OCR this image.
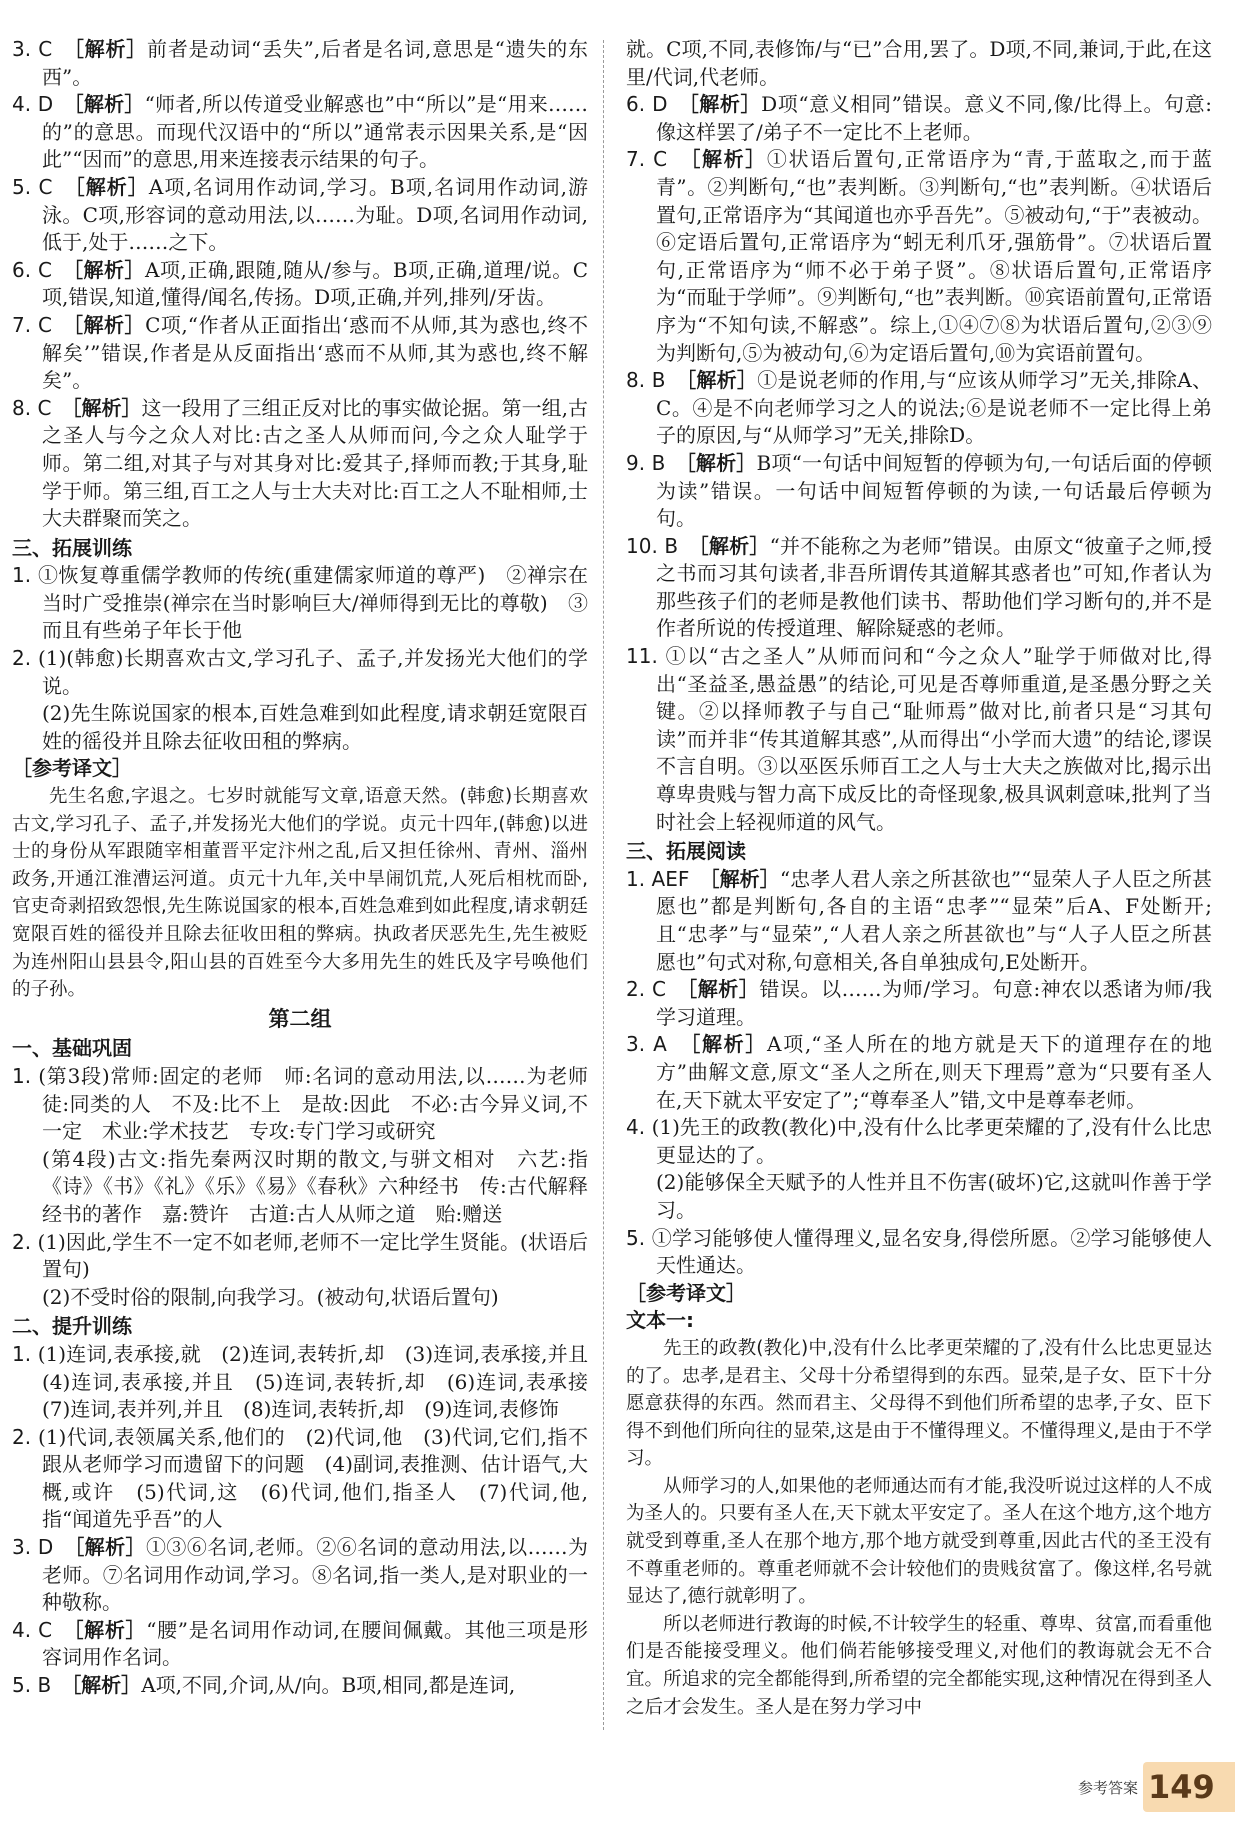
3. C　 ［解析］前者是动词“丢失”,后者是名词,意思是“遗失的东西”。

4. D　 ［解析］“师者,所以传道受业解惑也”中“所以”是“用来……的”的意思。而现代汉语中的“所以”通常表示因果关系,是“因此”“因而”的意思,用来连接表示结果的句子。

5. C　 ［解析］A项,名词用作动词,学习。B项,名词用作动词,游泳。C项,形容词的意动用法,以……为耻。D项,名词用作动词,低于,处于……之下。

6. C　 ［解析］A项,正确,跟随,随从/参与。B项,正确,道理/说。C项,错误,知道,懂得/闻名,传扬。D项,正确,并列,排列/牙齿。

7. C　 ［解析］C项,“作者从正面指出‘惑而不从师,其为惑也,终不解矣’”错误,作者是从反面指出‘惑而不从师,其为惑也,终不解矣”。

8. C　 ［解析］这一段用了三组正反对比的事实做论据。第一组,古之圣人与今之众人对比:古之圣人从师而问,今之众人耻学于师。第二组,对其子与对其身对比:爱其子,择师而教;于其身,耻学于师。第三组,百工之人与士大夫对比:百工之人不耻相师,士大夫群聚而笑之。

三、拓展训练

1. ①恢复尊重儒学教师的传统(重建儒家师道的尊严)　②禅宗在当时广受推崇(禅宗在当时影响巨大/禅师得到无比的尊敬)　③而且有些弟子年长于他

2. (1)(韩愈)长期喜欢古文,学习孔子、孟子,并发扬光大他们的学说。

(2)先生陈说国家的根本,百姓急难到如此程度,请求朝廷宽限百姓的徭役并且除去征收田租的弊病。

［参考译文］

先生名愈,字退之。七岁时就能写文章,语意天然。(韩愈)长期喜欢古文,学习孔子、孟子,并发扬光大他们的学说。贞元十四年,(韩愈)以进士的身份从军跟随宰相董晋平定汴州之乱,后又担任徐州、青州、淄州政务,开通江淮漕运河道。贞元十九年,关中旱闹饥荒,人死后相枕而卧,官吏奇剥招致怨恨,先生陈说国家的根本,百姓急难到如此程度,请求朝廷宽限百姓的徭役并且除去征收田租的弊病。执政者厌恶先生,先生被贬为连州阳山县县令,阳山县的百姓至今大多用先生的姓氏及字号唤他们的子孙。

第二组

一、基础巩固

1. (第3段)常师:固定的老师　师:名词的意动用法,以……为老师　徒:同类的人　不及:比不上　是故:因此　不必:古今异义词,不一定　术业:学术技艺　专攻:专门学习或研究

(第4段)古文:指先秦两汉时期的散文,与骈文相对　六艺:指《诗》《书》《礼》《乐》《易》《春秋》六种经书　传:古代解释经书的著作　嘉:赞许　古道:古人从师之道　贻:赠送

2. (1)因此,学生不一定不如老师,老师不一定比学生贤能。(状语后置句)

(2)不受时俗的限制,向我学习。(被动句,状语后置句)

二、提升训练

1. (1)连词,表承接,就　(2)连词,表转折,却　(3)连词,表承接,并且　(4)连词,表承接,并且　(5)连词,表转折,却　(6)连词,表承接　(7)连词,表并列,并且　(8)连词,表转折,却　(9)连词,表修饰

2. (1)代词,表领属关系,他们的　(2)代词,他　(3)代词,它们,指不跟从老师学习而遗留下的问题　(4)副词,表推测、估计语气,大概,或许　(5)代词,这　(6)代词,他们,指圣人　(7)代词,他,指“闻道先乎吾”的人

3. D　 ［解析］①③⑥名词,老师。②⑥名词的意动用法,以……为老师。⑦名词用作动词,学习。⑧名词,指一类人,是对职业的一种敬称。

4. C　 ［解析］“腰”是名词用作动词,在腰间佩戴。其他三项是形容词用作名词。

5. B　 ［解析］A项,不同,介词,从/向。B项,相同,都是连词,

就。C项,不同,表修饰/与“已”合用,罢了。D项,不同,兼词,于此,在这里/代词,代老师。

6. D　 ［解析］D项“意义相同”错误。意义不同,像/比得上。句意:像这样罢了/弟子不一定比不上老师。

7. C　 ［解析］①状语后置句,正常语序为“青,于蓝取之,而于蓝青”。②判断句,“也”表判断。③判断句,“也”表判断。④状语后置句,正常语序为“其闻道也亦乎吾先”。⑤被动句,“于”表被动。⑥定语后置句,正常语序为“蚓无利爪牙,强筋骨”。⑦状语后置句,正常语序为“师不必于弟子贤”。⑧状语后置句,正常语序为“而耻于学师”。⑨判断句,“也”表判断。⑩宾语前置句,正常语序为“不知句读,不解惑”。综上,①④⑦⑧为状语后置句,②③⑨为判断句,⑤为被动句,⑥为定语后置句,⑩为宾语前置句。

8. B　 ［解析］①是说老师的作用,与“应该从师学习”无关,排除A、C。④是不向老师学习之人的说法;⑥是说老师不一定比得上弟子的原因,与“从师学习”无关,排除D。

9. B　 ［解析］B项“一句话中间短暂的停顿为句,一句话后面的停顿为读”错误。一句话中间短暂停顿的为读,一句话最后停顿为句。

10. B　 ［解析］“并不能称之为老师”错误。由原文“彼童子之师,授之书而习其句读者,非吾所谓传其道解其惑者也”可知,作者认为那些孩子们的老师是教他们读书、帮助他们学习断句的,并不是作者所说的传授道理、解除疑惑的老师。

11. ①以“古之圣人”从师而问和“今之众人”耻学于师做对比,得出“圣益圣,愚益愚”的结论,可见是否尊师重道,是圣愚分野之关键。②以择师教子与自己“耻师焉”做对比,前者只是“习其句读”而并非“传其道解其惑”,从而得出“小学而大遗”的结论,谬误不言自明。③以巫医乐师百工之人与士大夫之族做对比,揭示出尊卑贵贱与智力高下成反比的奇怪现象,极具讽刺意味,批判了当时社会上轻视师道的风气。

三、拓展阅读

1. AEF　 ［解析］“忠孝人君人亲之所甚欲也”“显荣人子人臣之所甚愿也”都是判断句,各自的主语“忠孝”“显荣”后A、F处断开;且“忠孝”与“显荣”,“人君人亲之所甚欲也”与“人子人臣之所甚愿也”句式对称,句意相关,各自单独成句,E处断开。

2. C　 ［解析］错误。以……为师/学习。句意:神农以悉诸为师/我学习道理。

3. A　 ［解析］A项,“圣人所在的地方就是天下的道理存在的地方”曲解文意,原文“圣人之所在,则天下理焉”意为“只要有圣人在,天下就太平安定了”;“尊奉圣人”错,文中是尊奉老师。

4. (1)先王的政教(教化)中,没有什么比孝更荣耀的了,没有什么比忠更显达的了。

(2)能够保全天赋予的人性并且不伤害(破坏)它,这就叫作善于学习。

5. ①学习能够使人懂得理义,显名安身,得偿所愿。②学习能够使人天性通达。

［参考译文］

文本一:

先王的政教(教化)中,没有什么比孝更荣耀的了,没有什么比忠更显达的了。忠孝,是君主、父母十分希望得到的东西。显荣,是子女、臣下十分愿意获得的东西。然而君主、父母得不到他们所希望的忠孝,子女、臣下得不到他们所向往的显荣,这是由于不懂得理义。不懂得理义,是由于不学习。

从师学习的人,如果他的老师通达而有才能,我没听说过这样的人不成为圣人的。只要有圣人在,天下就太平安定了。圣人在这个地方,这个地方就受到尊重,圣人在那个地方,那个地方就受到尊重,因此古代的圣王没有不尊重老师的。尊重老师就不会计较他们的贵贱贫富了。像这样,名号就显达了,德行就彰明了。

所以老师进行教诲的时候,不计较学生的轻重、尊卑、贫富,而看重他们是否能接受理义。他们倘若能够接受理义,对他们的教诲就会无不合宜。所追求的完全都能得到,所希望的完全都能实现,这种情况在得到圣人之后才会发生。圣人是在努力学习中

参考答案 149
